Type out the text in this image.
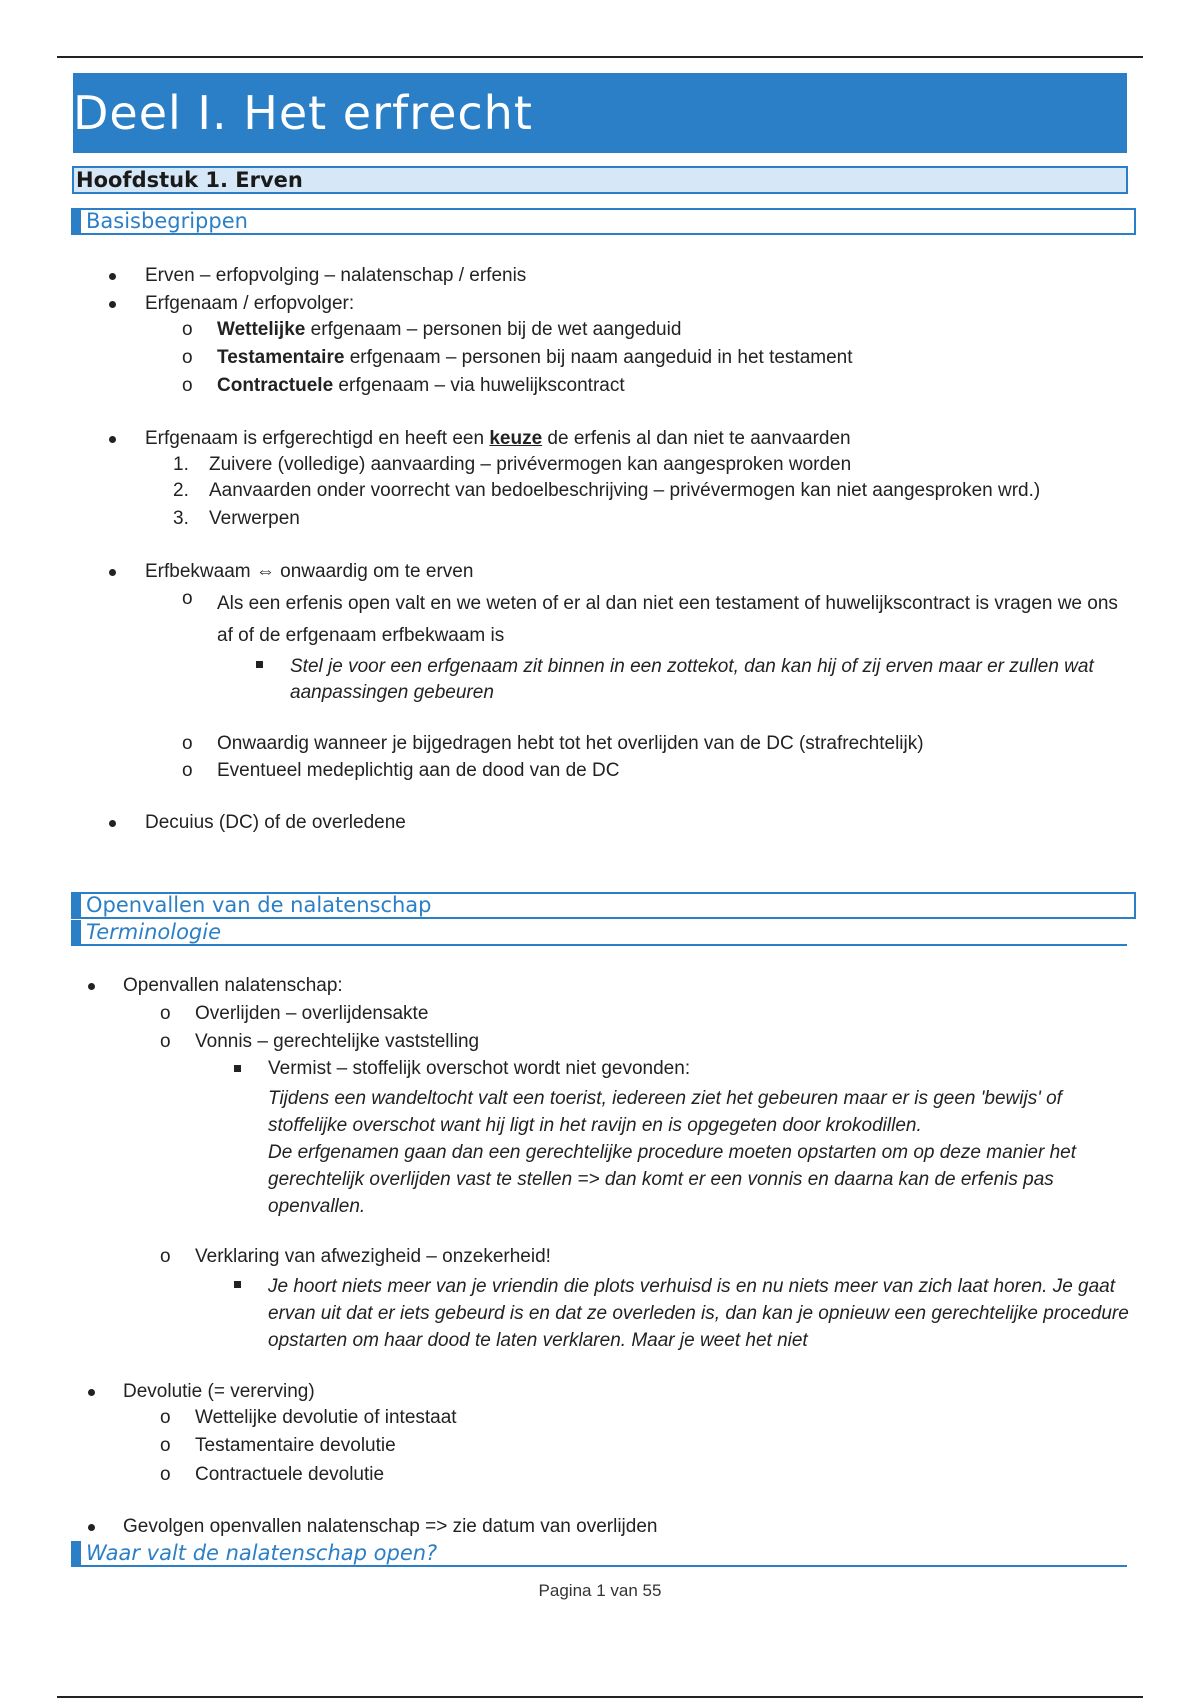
Deel I. Het erfrecht
Hoofdstuk 1. Erven
Basisbegrippen
Erven – erfopvolging – nalatenschap / erfenis
Erfgenaam / erfopvolger:
o Wettelijke erfgenaam – personen bij de wet aangeduid
o Testamentaire erfgenaam – personen bij naam aangeduid in het testament
o Contractuele erfgenaam – via huwelijkscontract
Erfgenaam is erfgerechtigd en heeft een keuze de erfenis al dan niet te aanvaarden
1. Zuivere (volledige) aanvaarding – privévermogen kan aangesproken worden
2. Aanvaarden onder voorrecht van bedoelbeschrijving – privévermogen kan niet aangesproken wrd.)
3. Verwerpen
Erfbekwaam ⇔ onwaardig om te erven
o Als een erfenis open valt en we weten of er al dan niet een testament of huwelijkscontract is vragen we ons af of de erfgenaam erfbekwaam is
Stel je voor een erfgenaam zit binnen in een zottekot, dan kan hij of zij erven maar er zullen wat aanpassingen gebeuren
o Onwaardig wanneer je bijgedragen hebt tot het overlijden van de DC (strafrechtelijk)
o Eventueel medeplichtig aan de dood van de DC
Decuius (DC) of de overledene
Openvallen van de nalatenschap
Terminologie
Openvallen nalatenschap:
o Overlijden – overlijdensakte
o Vonnis – gerechtelijke vaststelling
Vermist – stoffelijk overschot wordt niet gevonden:
Tijdens een wandeltocht valt een toerist, iedereen ziet het gebeuren maar er is geen 'bewijs' of stoffelijke overschot want hij ligt in het ravijn en is opgegeten door krokodillen.
De erfgenamen gaan dan een gerechtelijke procedure moeten opstarten om op deze manier het gerechtelijk overlijden vast te stellen => dan komt er een vonnis en daarna kan de erfenis pas openvallen.
o Verklaring van afwezigheid – onzekerheid!
Je hoort niets meer van je vriendin die plots verhuisd is en nu niets meer van zich laat horen. Je gaat ervan uit dat er iets gebeurd is en dat ze overleden is, dan kan je opnieuw een gerechtelijke procedure opstarten om haar dood te laten verklaren. Maar je weet het niet
Devolutie (= vererving)
o Wettelijke devolutie of intestaat
o Testamentaire devolutie
o Contractuele devolutie
Gevolgen openvallen nalatenschap => zie datum van overlijden
Waar valt de nalatenschap open?
Pagina 1 van 55
